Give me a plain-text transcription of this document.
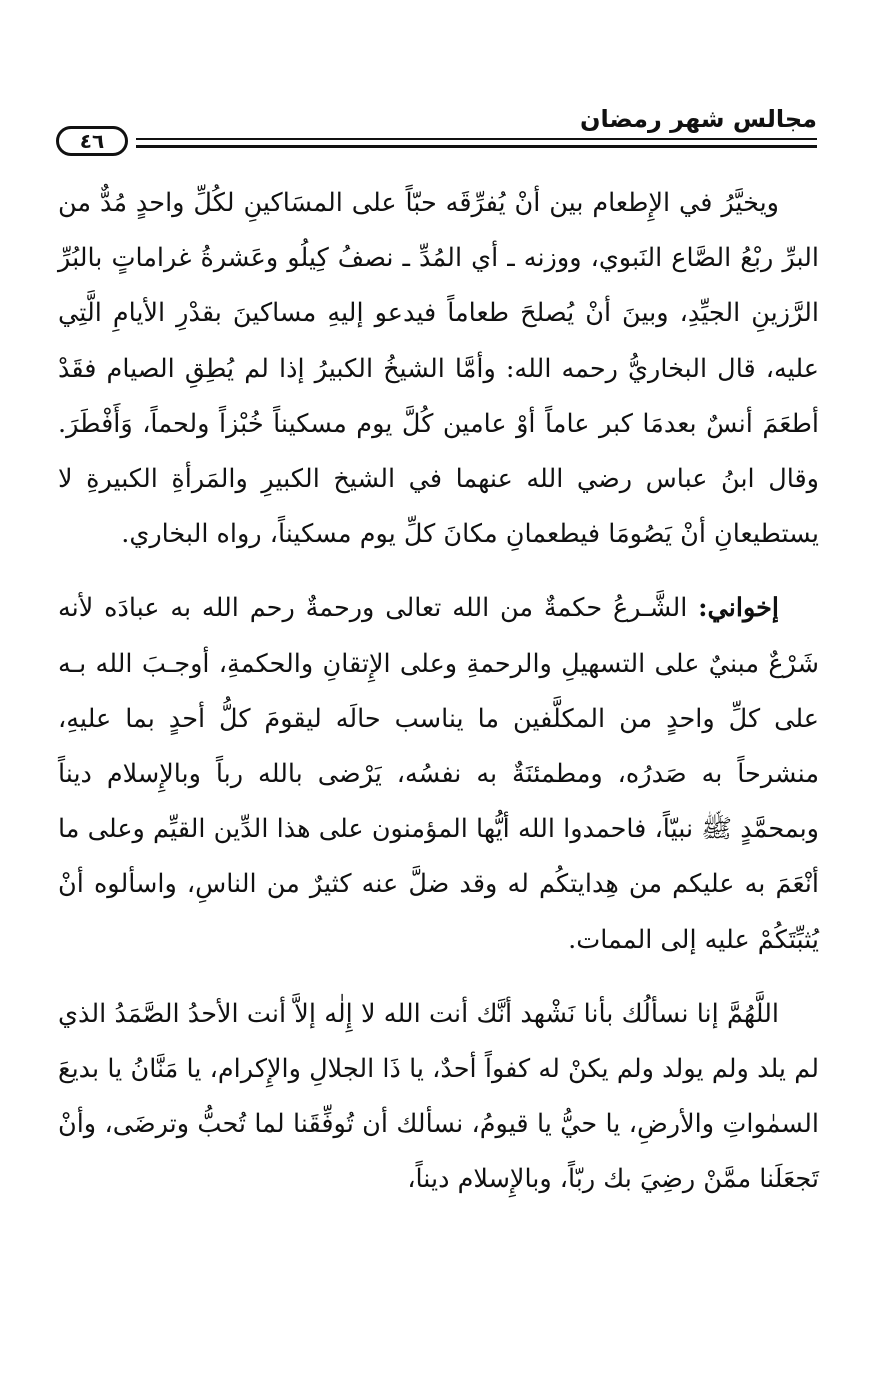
مجالس شهر رمضان
٤٦

ويخيَّرُ في الإِطعام بين أنْ يُفرِّقَه حبّاً على المسَاكينِ لكُلِّ واحدٍ مُدٌّ من البرِّ ربْعُ الصَّاع النَبوي، ووزنه ـ أي المُدِّ ـ نصفُ كِيلُو وعَشرةُ غراماتٍ بالبُرِّ الرَّزينِ الجيِّدِ، وبينَ أنْ يُصلحَ طعاماً فيدعو إليهِ مساكينَ بقدْرِ الأيامِ الَّتِي عليه، قال البخاريُّ رحمه الله: وأمَّا الشيخُ الكبيرُ إذا لم يُطِقِ الصيام فقَدْ أطعَمَ أنسٌ بعدمَا كبر عاماً أوْ عامين كُلَّ يوم مسكيناً خُبْزاً ولحماً، وَأَفْطَرَ. وقال ابنُ عباس رضي الله عنهما في الشيخ الكبيرِ والمَرأةِ الكبيرةِ لا يستطيعانِ أنْ يَصُومَا فيطعمانِ مكانَ كلِّ يوم مسكيناً، رواه البخاري.

إخواني: الشَّـرعُ حكمةٌ من الله تعالى ورحمةٌ رحم الله به عبادَه لأنه شَرْعٌ مبنيٌ على التسهيلِ والرحمةِ وعلى الإِتقانِ والحكمةِ، أوجـبَ الله بـه على كلِّ واحدٍ من المكلَّفين ما يناسب حالَه ليقومَ كلُّ أحدٍ بما عليهِ، منشرحاً به صَدرُه، ومطمئنَةٌ به نفسُه، يَرْضى بالله رباً وبالإِسلام ديناً وبمحمَّدٍ ﷺ نبيّاً، فاحمدوا الله أيُّها المؤمنون على هذا الدِّين القيِّم وعلى ما أنْعَمَ به عليكم من هِدايتكُم له وقد ضلَّ عنه كثيرٌ من الناسِ، واسألوه أنْ يُثبِّتَكُمْ عليه إلى الممات.

اللَّهُمَّ إنا نسألُك بأنا نَشْهد أنَّك أنت الله لا إِلٰه إلاَّ أنت الأحدُ الصَّمَدُ الذي لم يلد ولم يولد ولم يكنْ له كفواً أحدٌ، يا ذَا الجلالِ والإِكرام، يا مَنَّانُ يا بديعَ السمٰواتِ والأرضِ، يا حيُّ يا قيومُ، نسألك أن تُوفِّقَنا لما تُحبُّ وترضَى، وأنْ تَجعَلَنا ممَّنْ رضِيَ بك ربّاً، وبالإِسلام ديناً،
